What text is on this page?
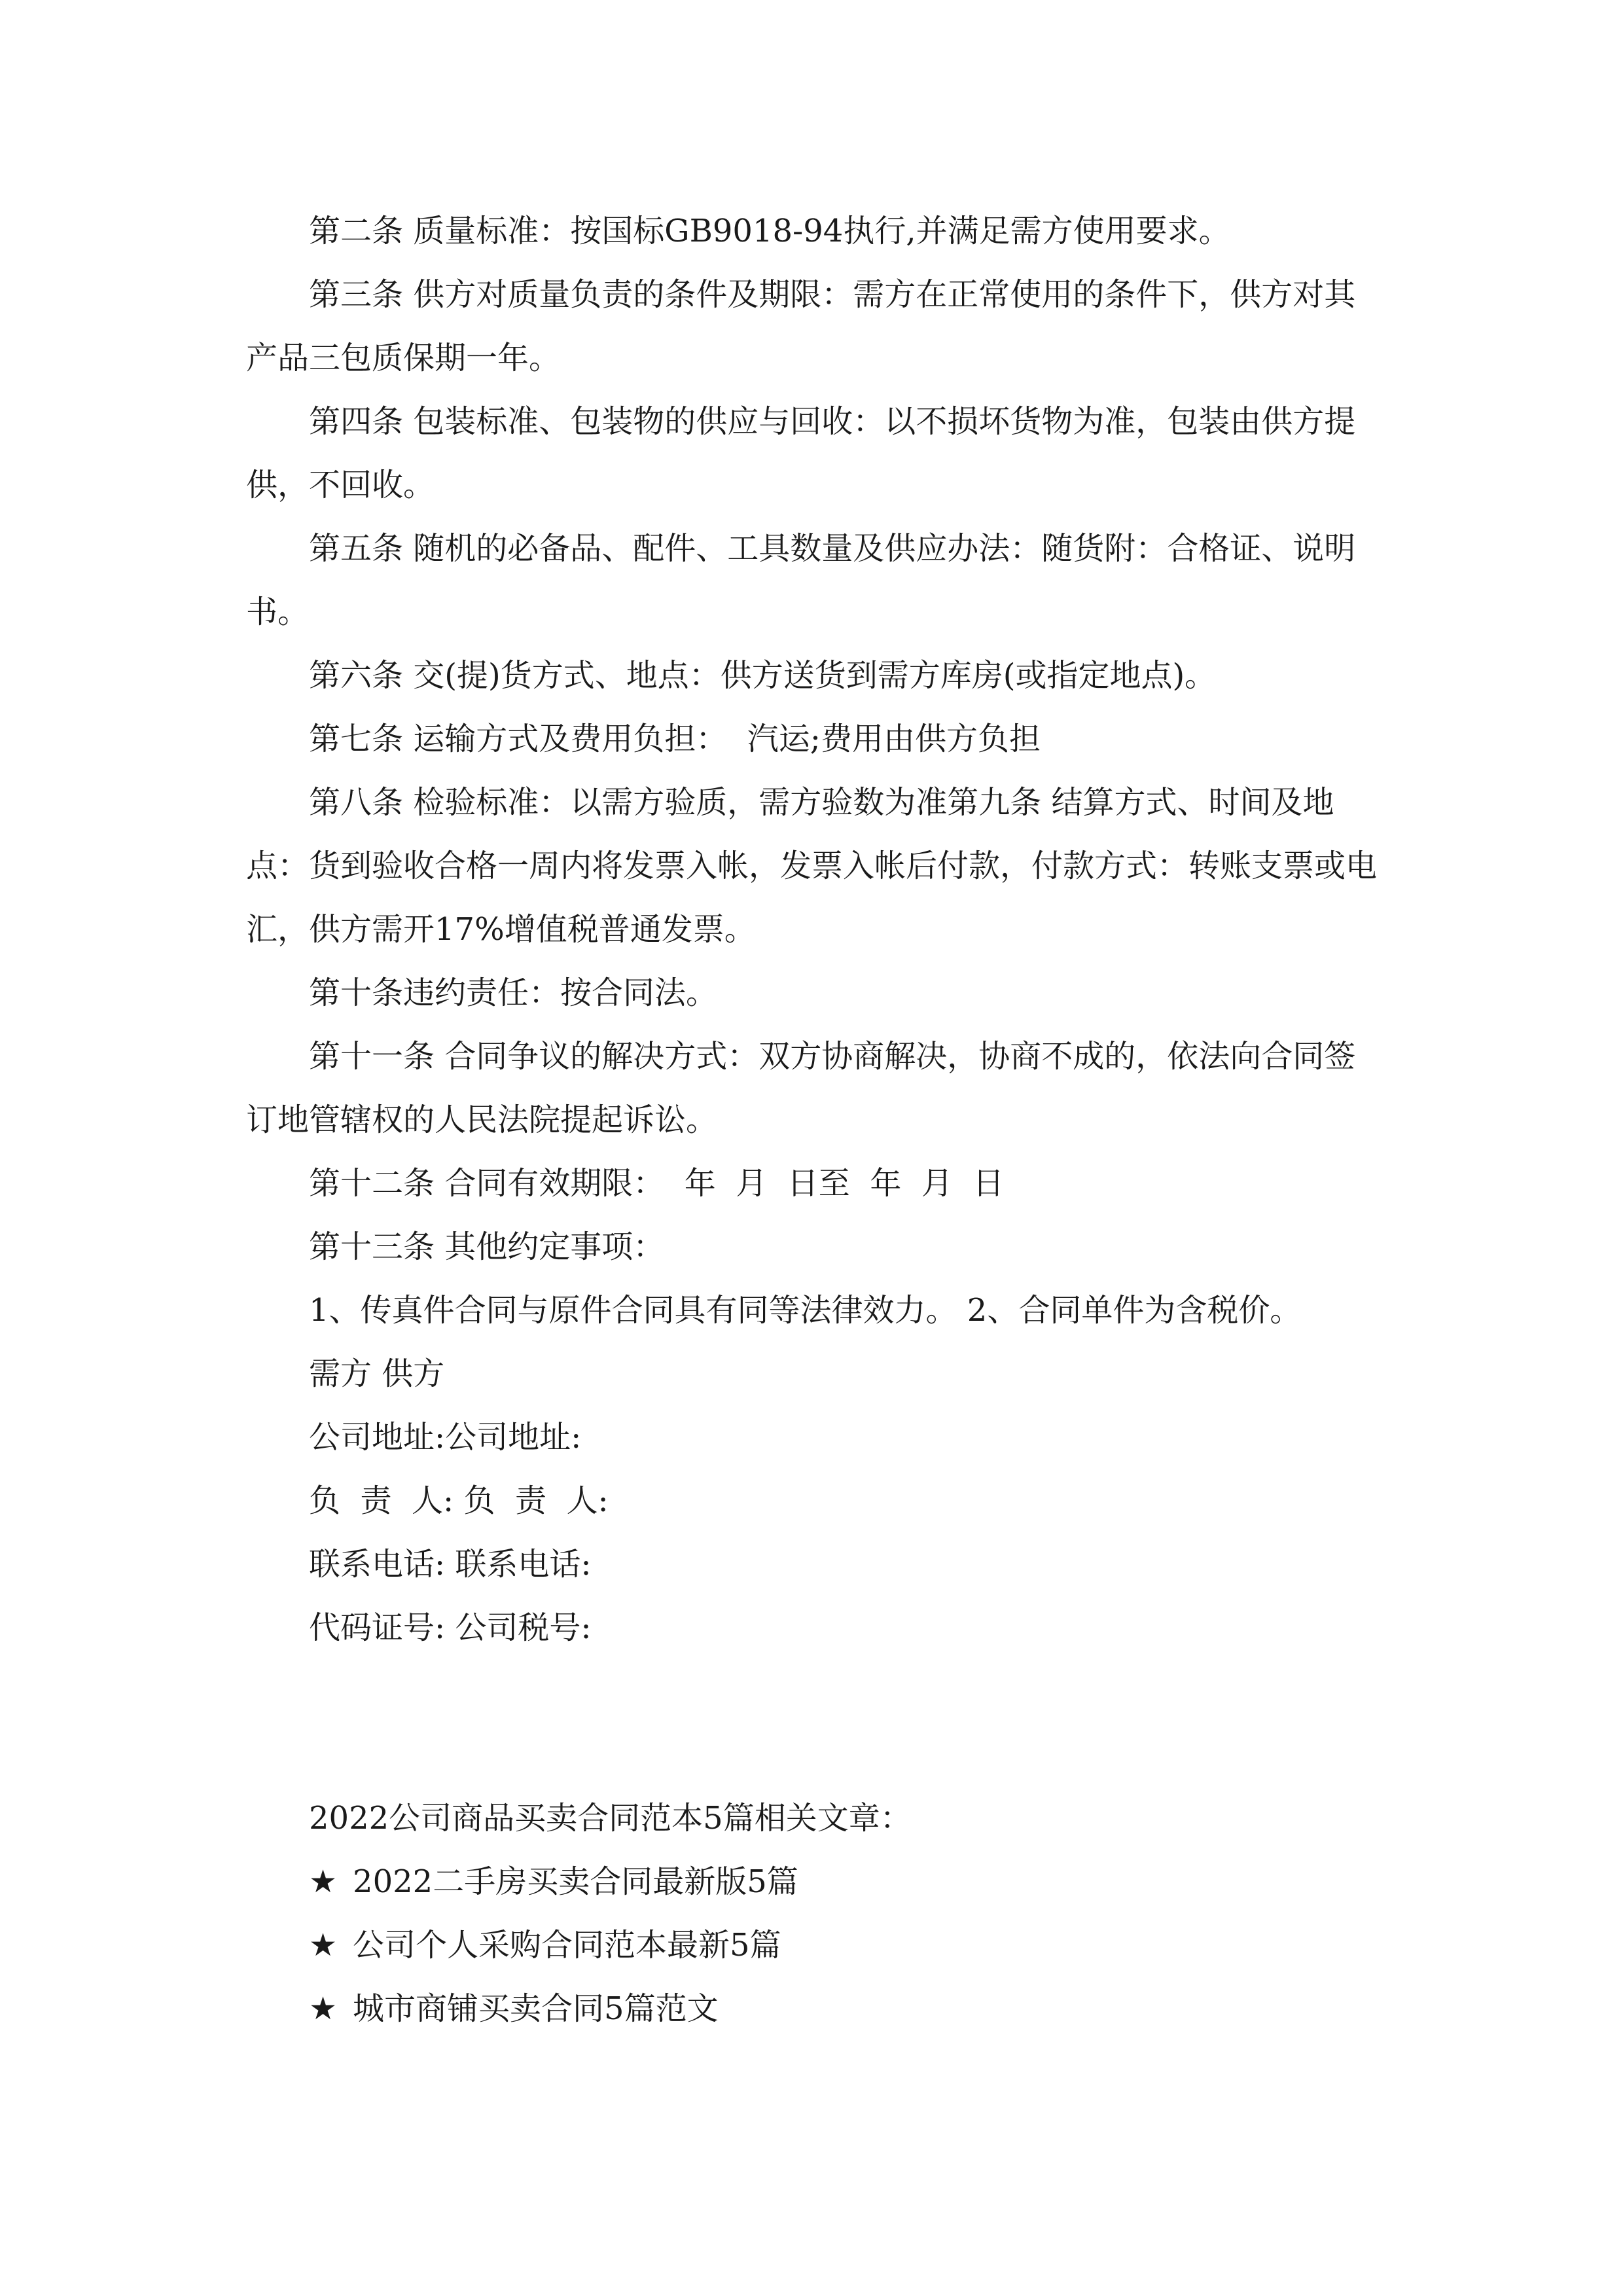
第二条 质量标准：按国标GB9018-94执行,并满足需方使用要求。

第三条 供方对质量负责的条件及期限：需方在正常使用的条件下，供方对其产品三包质保期一年。

第四条 包装标准、包装物的供应与回收：以不损坏货物为准，包装由供方提供，不回收。

第五条 随机的必备品、配件、工具数量及供应办法：随货附：合格证、说明书。

第六条 交(提)货方式、地点：供方送货到需方库房(或指定地点)。

第七条 运输方式及费用负担：  汽运;费用由供方负担

第八条 检验标准：以需方验质，需方验数为准第九条 结算方式、时间及地点：货到验收合格一周内将发票入帐，发票入帐后付款，付款方式：转账支票或电汇，供方需开17%增值税普通发票。

第十条违约责任：按合同法。

第十一条 合同争议的解决方式：双方协商解决，协商不成的，依法向合同签订地管辖权的人民法院提起诉讼。

第十二条 合同有效期限：  年  月  日至  年  月  日

第十三条 其他约定事项：

1、传真件合同与原件合同具有同等法律效力。 2、合同单件为含税价。

需方 供方

公司地址:公司地址:

负  责  人: 负  责  人:

联系电话: 联系电话:

代码证号: 公司税号:

2022公司商品买卖合同范本5篇相关文章：

★ 2022二手房买卖合同最新版5篇

★ 公司个人采购合同范本最新5篇

★ 城市商铺买卖合同5篇范文
